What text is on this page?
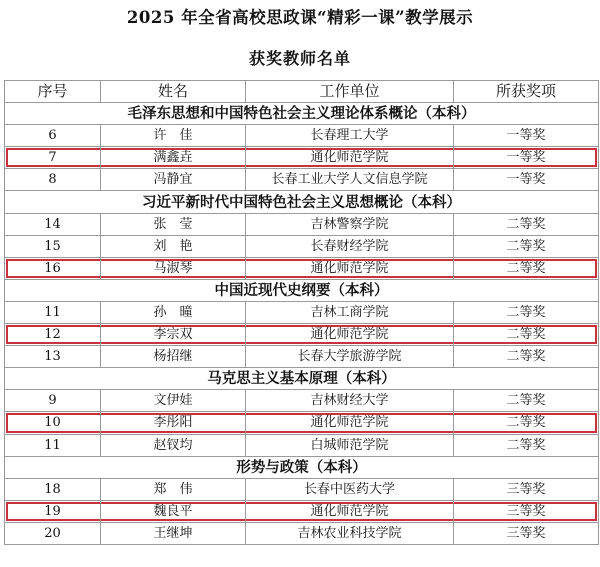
2025 年全省高校思政课“精彩一课”教学展示
获奖教师名单
序号	姓名	工作单位	所获奖项
毛泽东思想和中国特色社会主义理论体系概论（本科）			
6	许　佳	长春理工大学	一等奖
7	满鑫垚	通化师范学院	一等奖
8	冯静宜	长春工业大学人文信息学院	一等奖
习近平新时代中国特色社会主义思想概论（本科）			
14	张　莹	吉林警察学院	二等奖
15	刘　艳	长春财经学院	二等奖
16	马淑琴	通化师范学院	二等奖
中国近现代史纲要（本科）			
11	孙　曈	吉林工商学院	二等奖
12	李宗双	通化师范学院	二等奖
13	杨招继	长春大学旅游学院	二等奖
马克思主义基本原理（本科）			
9	文伊娃	吉林财经大学	二等奖
10	李彤阳	通化师范学院	二等奖
11	赵钗均	白城师范学院	二等奖
形势与政策（本科）			
18	郑　伟	长春中医药大学	三等奖
19	魏良平	通化师范学院	三等奖
20	王继坤	吉林农业科技学院	三等奖
